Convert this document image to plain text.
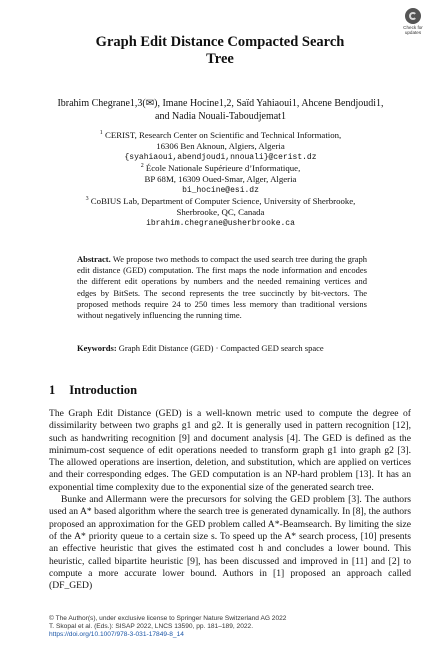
Check for
updates
Graph Edit Distance Compacted Search
Tree
Ibrahim Chegrane1,3(✉), Imane Hocine1,2, Saïd Yahiaoui1, Ahcene Bendjoudi1,
and Nadia Nouali-Taboudjemat1
$^1$ CERIST, Research Center on Scientific and Technical Information,
16306 Ben Aknoun, Algiers, Algeria
{syahiaoui,abendjoudi,nnouali}@cerist.dz
$^2$ École Nationale Supérieure d’Informatique,
BP 68M, 16309 Oued-Smar, Alger, Algeria
bi_hocine@esi.dz
$^3$ CoBIUS Lab, Department of Computer Science, University of Sherbrooke,
Sherbrooke, QC, Canada
ibrahim.chegrane@usherbrooke.ca
Abstract. We propose two methods to compact the used search tree during the graph edit distance (GED) computation. The first maps the node information and encodes the different edit operations by numbers and the needed remaining vertices and edges by BitSets. The second represents the tree succinctly by bit-vectors. The proposed methods require 24 to 250 times less memory than traditional versions without negatively influencing the running time.
Keywords: Graph Edit Distance (GED) · Compacted GED search space
1 Introduction

The Graph Edit Distance (GED) is a well-known metric used to compute the degree of dissimilarity between two graphs g1 and g2. It is generally used in pattern recognition [12], such as handwriting recognition [9] and document analysis [4]. The GED is defined as the minimum-cost sequence of edit operations needed to transform graph g1 into graph g2 [3]. The allowed operations are insertion, deletion, and substitution, which are applied on vertices and their corresponding edges. The GED computation is an NP-hard problem [13]. It has an exponential time complexity due to the exponential size of the generated search tree.

Bunke and Allermann were the precursors for solving the GED problem [3]. The authors used an A* based algorithm where the search tree is generated dynamically. In [8], the authors proposed an approximation for the GED problem called A*-Beamsearch. By limiting the size of the A* priority queue to a certain size s. To speed up the A* search process, [10] presents an effective heuristic that gives the estimated cost h and concludes a lower bound. This heuristic, called bipartite heuristic [9], has been discussed and improved in [11] and [2] to compute a more accurate lower bound. Authors in [1] proposed an approach called (DF_GED)

© The Author(s), under exclusive license to Springer Nature Switzerland AG 2022
T. Skopal et al. (Eds.): SISAP 2022, LNCS 13590, pp. 181–189, 2022.
https://doi.org/10.1007/978-3-031-17849-8_14
